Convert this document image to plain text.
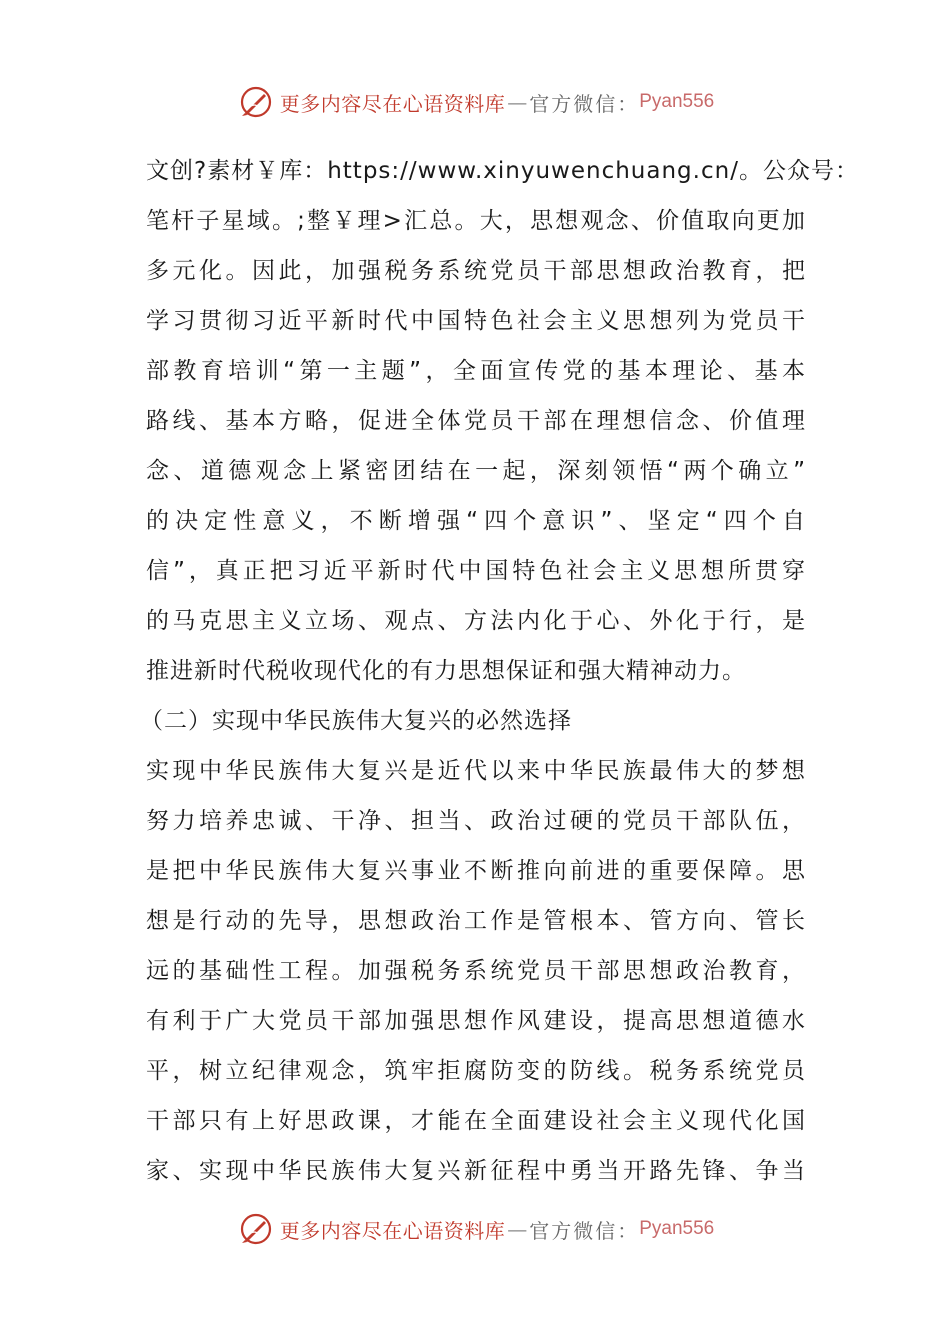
更多内容尽在心语资料库 — 官方微信： Pyan556
文创?素材￥库：https://www.xinyuwenchuang.cn/。公众号：
笔杆子星域。;整￥理>汇总。大，思想观念、价值取向更加
多元化。因此，加强税务系统党员干部思想政治教育，把
学习贯彻习近平新时代中国特色社会主义思想列为党员干
部教育培训“第一主题”，全面宣传党的基本理论、基本
路线、基本方略，促进全体党员干部在理想信念、价值理
念、道德观念上紧密团结在一起，深刻领悟“两个确立”
的决定性意义，不断增强“四个意识”、坚定“四个自
信”，真正把习近平新时代中国特色社会主义思想所贯穿
的马克思主义立场、观点、方法内化于心、外化于行，是
推进新时代税收现代化的有力思想保证和强大精神动力。
（二）实现中华民族伟大复兴的必然选择
实现中华民族伟大复兴是近代以来中华民族最伟大的梦想
努力培养忠诚、干净、担当、政治过硬的党员干部队伍，
是把中华民族伟大复兴事业不断推向前进的重要保障。思
想是行动的先导，思想政治工作是管根本、管方向、管长
远的基础性工程。加强税务系统党员干部思想政治教育，
有利于广大党员干部加强思想作风建设，提高思想道德水
平，树立纪律观念，筑牢拒腐防变的防线。税务系统党员
干部只有上好思政课，才能在全面建设社会主义现代化国
家、实现中华民族伟大复兴新征程中勇当开路先锋、争当
更多内容尽在心语资料库 — 官方微信： Pyan556
